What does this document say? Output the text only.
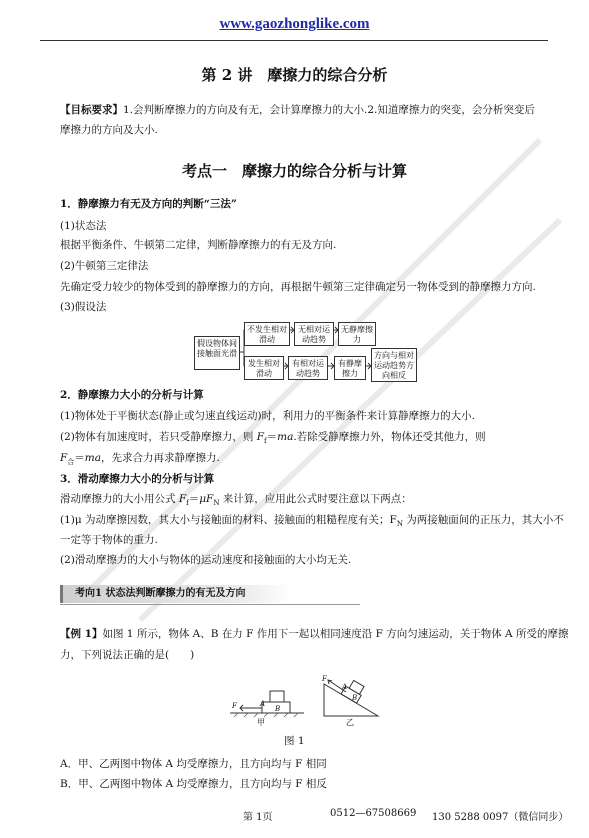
www.gaozhonglike.com
第 2 讲　摩擦力的综合分析
【目标要求】1.会判断摩擦力的方向及有无，会计算摩擦力的大小.2.知道摩擦力的突变，会分析突变后摩擦力的方向及大小.
考点一　摩擦力的综合分析与计算
1．静摩擦力有无及方向的判断“三法”
(1)状态法
根据平衡条件、牛顿第二定律，判断静摩擦力的有无及方向.
(2)牛顿第三定律法
先确定受力较少的物体受到的静摩擦力的方向，再根据牛顿第三定律确定另一物体受到的静摩擦力方向.
(3)假设法
假设物体间接触面光滑
不发生相对滑动
无相对运动趋势
无静摩擦力
发生相对滑动
有相对运动趋势
有静摩擦力
方向与相对运动趋势方向相反
2．静摩擦力大小的分析与计算
(1)物体处于平衡状态(静止或匀速直线运动)时，利用力的平衡条件来计算静摩擦力的大小.
(2)物体有加速度时，若只受静摩擦力，则 $F_f=ma$.若除受静摩擦力外，物体还受其他力，则
$F_合=ma$，先求合力再求静摩擦力.
3．滑动摩擦力大小的分析与计算
滑动摩擦力的大小用公式 $F_f=\mu F_N$ 来计算，应用此公式时要注意以下两点：
(1)μ 为动摩擦因数，其大小与接触面的材料、接触面的粗糙程度有关；$F_N$ 为两接触面间的正压力，其大小不
一定等于物体的重力.
(2)滑动摩擦力的大小与物体的运动速度和接触面的大小均无关.
考向1 状态法判断摩擦力的有无及方向
【例 1】如图 1 所示，物体 A、B 在力 F 作用下一起以相同速度沿 F 方向匀速运动，关于物体 A 所受的摩擦
力，下列说法正确的是(　　)
A
B
F
A
B
F
甲	乙
图 1
A．甲、乙两图中物体 A 均受摩擦力，且方向均与 F 相同
B．甲、乙两图中物体 A 均受摩擦力，且方向均与 F 相反
第 1页	0512—67508669 130 5288 0097（微信同步）
